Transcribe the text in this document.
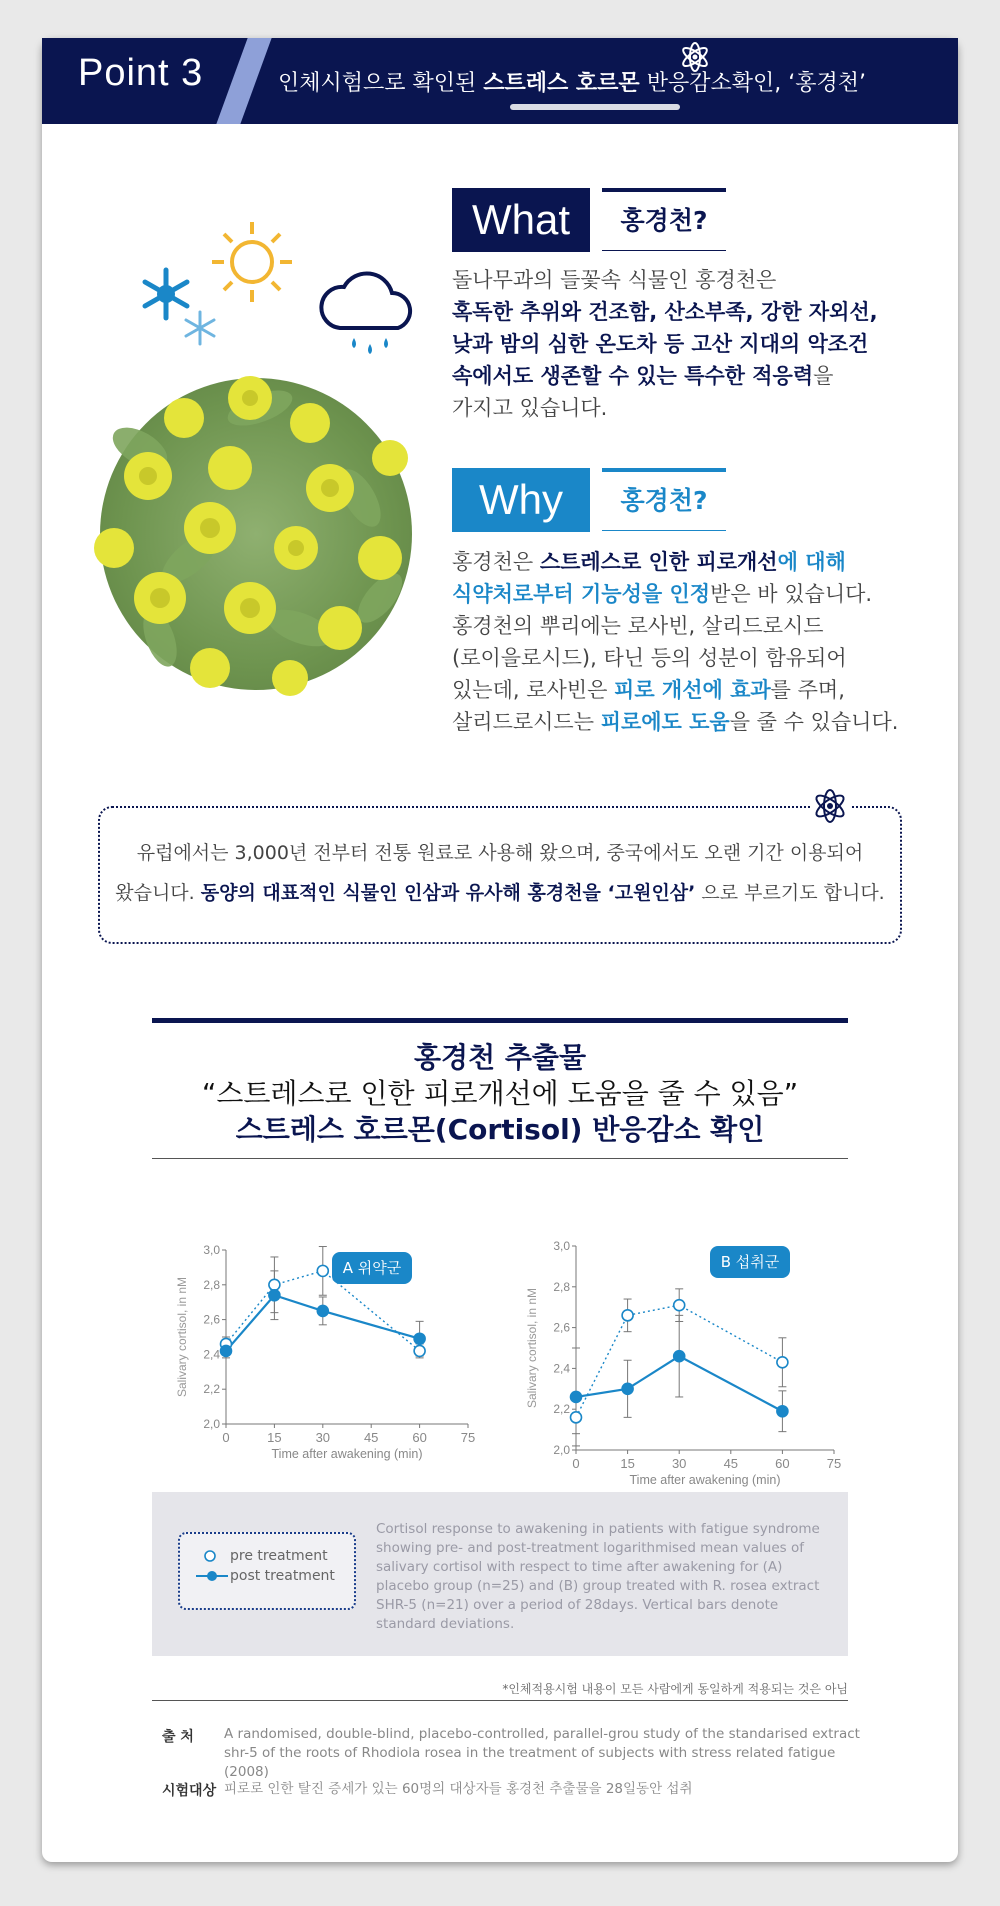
Point 3	인체시험으로 확인된 스트레스 호르몬 반응감소확인, ‘홍경천’
What	홍경천?
돌나무과의 들꽃속 식물인 홍경천은
혹독한 추위와 건조함, 산소부족, 강한 자외선,
낮과 밤의 심한 온도차 등 고산 지대의 악조건
속에서도 생존할 수 있는 특수한 적응력을
가지고 있습니다.
Why	홍경천?
홍경천은 스트레스로 인한 피로개선에 대해
식약처로부터 기능성을 인정받은 바 있습니다.
홍경천의 뿌리에는 로사빈, 살리드로시드
(로이을로시드), 타닌 등의 성분이 함유되어
있는데, 로사빈은 피로 개선에 효과를 주며,
살리드로시드는 피로에도 도움을 줄 수 있습니다.
유럽에서는 3,000년 전부터 전통 원료로 사용해 왔으며, 중국에서도 오랜 기간 이용되어
왔습니다. 동양의 대표적인 식물인 인삼과 유사해 홍경천을 ‘고원인삼’ 으로 부르기도 합니다.
홍경천 추출물
“스트레스로 인한 피로개선에 도움을 줄 수 있음”
스트레스 호르몬(Cortisol) 반응감소 확인
2,0
2,2
2,4
2,6
2,8
3,0
0	15	30	45	60	75
Time after awakening (min)
Salivary cortisol, in nM
A 위약군
2,0
2,2
2,4
2,6
2,8
3,0
0	15	30	45	60	75
Time after awakening (min)
Salivary cortisol, in nM
B 섭취군
pre treatment
post treatment
Cortisol response to awakening in patients with fatigue syndrome showing pre- and post-treatment logarithmised mean values of salivary cortisol with respect to time after awakening for (A) placebo group (n=25) and (B) group treated with R. rosea extract SHR-5 (n=21) over a period of 28days. Vertical bars denote standard deviations.
*인체적용시험 내용이 모든 사람에게 동일하게 적용되는 것은 아님
출 처 A randomised, double-blind, placebo-controlled, parallel-grou study of the standarised extract shr-5 of the roots of Rhodiola rosea in the treatment of subjects with stress related fatigue (2008)
시험대상 피로로 인한 탈진 증세가 있는 60명의 대상자들 홍경천 추출물을 28일동안 섭취
